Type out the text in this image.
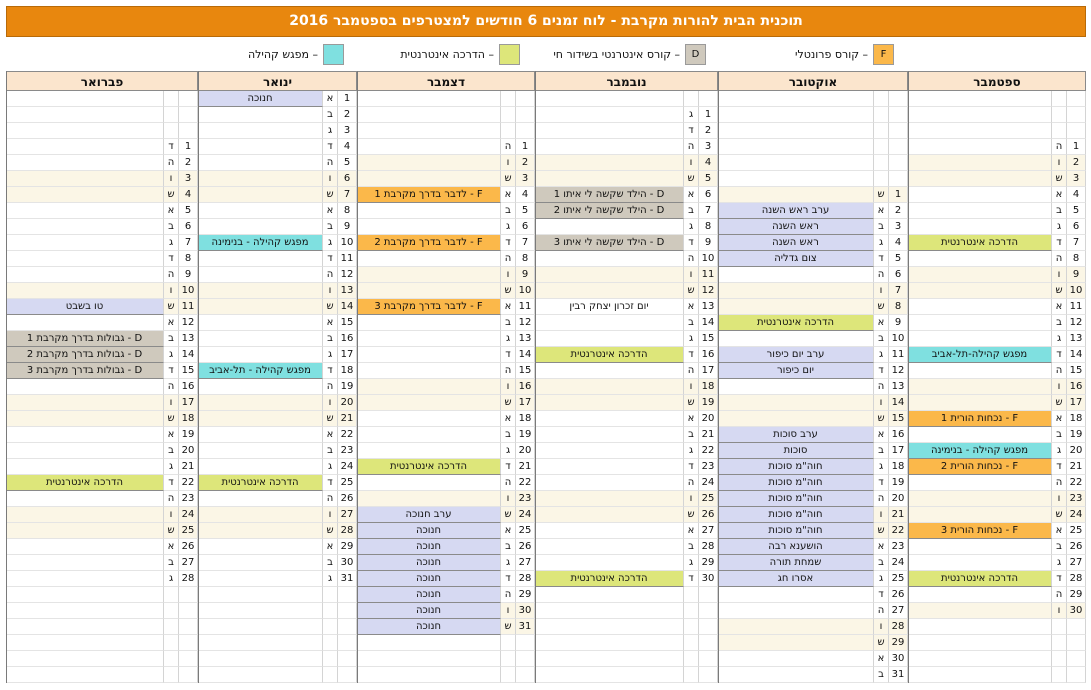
תוכנית הבית להורות מקרבת - לוח זמנים 6 חודשים למצטרפים בספטמבר 2016
F
– קורס פרונטלי
D
– קורס אינטרנטי בשידור חי
– הדרכה אינטרנטית
– מפגש קהילה
ספטמבר
1
ה
2
ו
3
ש
4
א
5
ב
6
ג
7
ד
הדרכה אינטרנטית
8
ה
9
ו
10
ש
11
א
12
ב
13
ג
14
ד
מפגש קהילה-תל-אביב
15
ה
16
ו
17
ש
18
א
F - נכחות הורית 1
19
ב
20
ג
מפגש קהילה - בנימינה
21
ד
F - נכחות הורית 2
22
ה
23
ו
24
ש
25
א
F - נכחות הורית 3
26
ב
27
ג
28
ד
הדרכה אינטרנטית
29
ה
30
ו
אוקטובר
1
ש
2
א
ערב ראש השנה
3
ב
ראש השנה
4
ג
ראש השנה
5
ד
צום גדליה
6
ה
7
ו
8
ש
9
א
הדרכה אינטרנטית
10
ב
11
ג
ערב יום כיפור
12
ד
יום כיפור
13
ה
14
ו
15
ש
16
א
ערב סוכות
17
ב
סוכות
18
ג
חוה"מ סוכות
19
ד
חוה"מ סוכות
20
ה
חוה"מ סוכות
21
ו
חוה"מ סוכות
22
ש
חוה"מ סוכות
23
א
הושענא רבה
24
ב
שמחת תורה
25
ג
אסרו חג
26
ד
27
ה
28
ו
29
ש
30
א
31
ב
נובמבר
1
ג
2
ד
3
ה
4
ו
5
ש
6
א
D - הילד שקשה לי איתו 1
7
ב
D - הילד שקשה לי איתו 2
8
ג
9
ד
D - הילד שקשה לי איתו 3
10
ה
11
ו
12
ש
13
א
יום זכרון יצחק רבין
14
ב
15
ג
16
ד
הדרכה אינטרנטית
17
ה
18
ו
19
ש
20
א
21
ב
22
ג
23
ד
24
ה
25
ו
26
ש
27
א
28
ב
29
ג
30
ד
הדרכה אינטרנטית
דצמבר
1
ה
2
ו
3
ש
4
א
F - לדבר בדרך מקרבת 1
5
ב
6
ג
7
ד
F - לדבר בדרך מקרבת 2
8
ה
9
ו
10
ש
11
א
F - לדבר בדרך מקרבת 3
12
ב
13
ג
14
ד
15
ה
16
ו
17
ש
18
א
19
ב
20
ג
21
ד
הדרכה אינטרנטית
22
ה
23
ו
24
ש
ערב חנוכה
25
א
חנוכה
26
ב
חנוכה
27
ג
חנוכה
28
ד
חנוכה
29
ה
חנוכה
30
ו
חנוכה
31
ש
חנוכה
ינואר
1
א
חנוכה
2
ב
3
ג
4
ד
5
ה
6
ו
7
ש
8
א
9
ב
10
ג
מפגש קהילה - בנימינה
11
ד
12
ה
13
ו
14
ש
15
א
16
ב
17
ג
18
ד
מפגש קהילה - תל-אביב
19
ה
20
ו
21
ש
22
א
23
ב
24
ג
25
ד
הדרכה אינטרנטית
26
ה
27
ו
28
ש
29
א
30
ב
31
ג
פברואר
1
ד
2
ה
3
ו
4
ש
5
א
6
ב
7
ג
8
ד
9
ה
10
ו
11
ש
טו בשבט
12
א
13
ב
D - גבולות בדרך מקרבת 1
14
ג
D - גבולות בדרך מקרבת 2
15
ד
D - גבולות בדרך מקרבת 3
16
ה
17
ו
18
ש
19
א
20
ב
21
ג
22
ד
הדרכה אינטרנטית
23
ה
24
ו
25
ש
26
א
27
ב
28
ג
